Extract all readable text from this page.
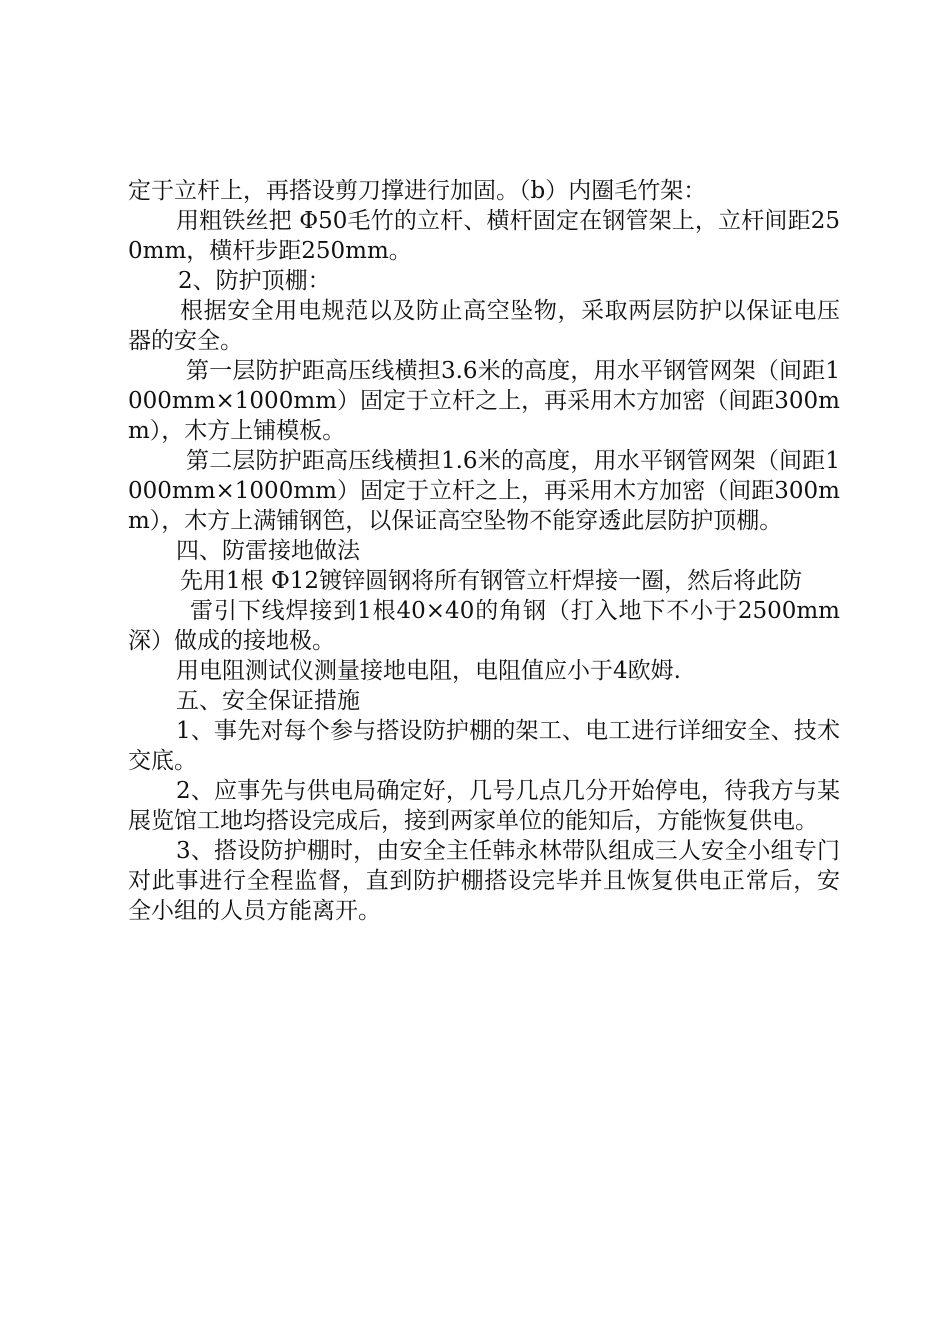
定于立杆上，再搭设剪刀撑进行加固。（b）内圈毛竹架：

用粗铁丝把 Φ50毛竹的立杆、横杆固定在钢管架上，立杆间距250mm，横杆步距250mm。

2、防护顶棚：

根据安全用电规范以及防止高空坠物，采取两层防护以保证电压器的安全。

第一层防护距高压线横担3.6米的高度，用水平钢管网架（间距1000mm×1000mm）固定于立杆之上，再采用木方加密（间距300mm），木方上铺模板。

第二层防护距高压线横担1.6米的高度，用水平钢管网架（间距1000mm×1000mm）固定于立杆之上，再采用木方加密（间距300mm），木方上满铺钢笆，以保证高空坠物不能穿透此层防护顶棚。

四、防雷接地做法

先用1根 Φ12镀锌圆钢将所有钢管立杆焊接一圈，然后将此防

雷引下线焊接到1根40×40的角钢（打入地下不小于2500mm深）做成的接地极。

用电阻测试仪测量接地电阻，电阻值应小于4欧姆.

五、安全保证措施

1、事先对每个参与搭设防护棚的架工、电工进行详细安全、技术交底。

2、应事先与供电局确定好，几号几点几分开始停电，待我方与某展览馆工地均搭设完成后，接到两家单位的能知后，方能恢复供电。

3、搭设防护棚时，由安全主任韩永林带队组成三人安全小组专门对此事进行全程监督，直到防护棚搭设完毕并且恢复供电正常后，安全小组的人员方能离开。
